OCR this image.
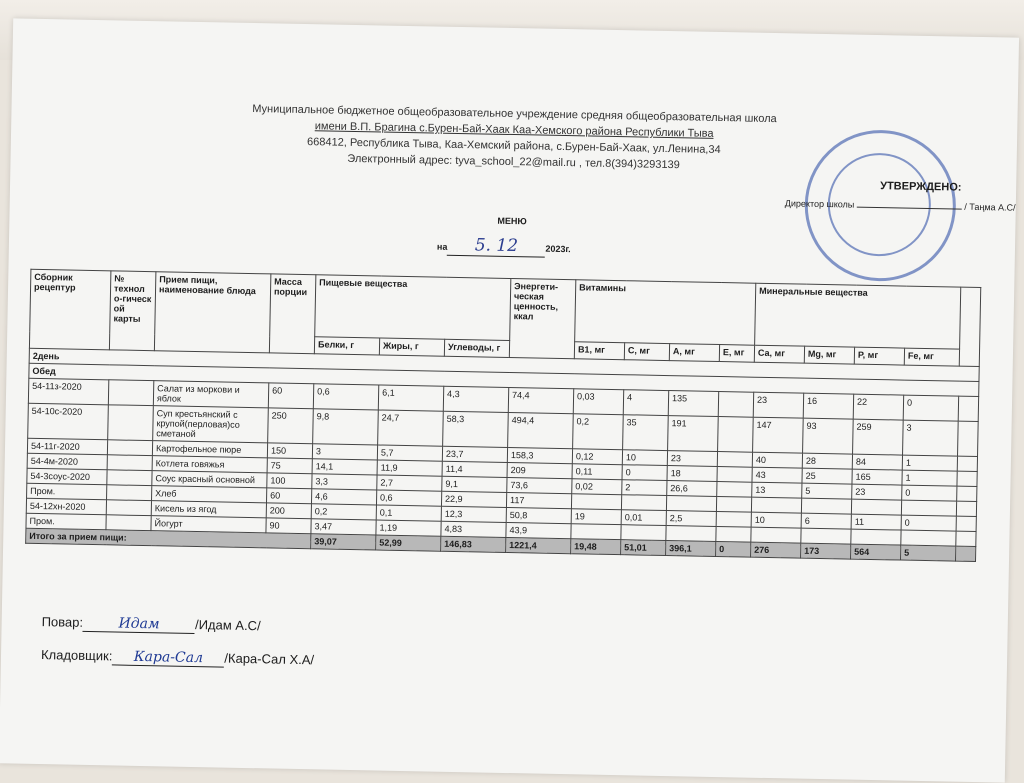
Муниципальное бюджетное общеобразовательное учреждение средняя общеобразовательная школа
имени В.П. Брагина с.Бурен-Бай-Хаак Каа-Хемского района Республики Тыва
668412, Республика Тыва, Каа-Хемский района, с.Бурен-Бай-Хаак, ул.Ленина,34
Электронный адрес: tyva_school_22@mail.ru , тел.8(394)3293139
УТВЕРЖДЕНО:
Директор школы	/ Таңма А.С/
МЕНЮ
на 5. 12	2023г.
Сборник рецептур	№ технол о-гическ ой карты	Прием пищи, наименование блюда	Масса порции	Пищевые вещества			Энергети-ческая ценность, ккал	Витамины				Минеральные вещества				
				Белки, г	Жиры, г	Углеводы, г		В1, мг	С, мг	А, мг	Е, мг	Са, мг	Mg, мг	Р, мг	Fe, мг	
2день																
Обед																
54-11з-2020		Салат из моркови и яблок	60	0,6	6,1	4,3	74,4	0,03	4	135		23	16	22	0	
54-10с-2020		Суп крестьянский с крупой(перловая)со сметаной	250	9,8	24,7	58,3	494,4	0,2	35	191		147	93	259	3	
54-11г-2020		Картофельное пюре	150	3	5,7	23,7	158,3	0,12	10	23		40	28	84	1	
54-4м-2020		Котлета говяжья	75	14,1	11,9	11,4	209	0,11	0	18		43	25	165	1	
54-3соус-2020		Соус красный основной	100	3,3	2,7	9,1	73,6	0,02	2	26,6		13	5	23	0	
Пром.		Хлеб	60	4,6	0,6	22,9	117									
54-12хн-2020		Кисель из ягод	200	0,2	0,1	12,3	50,8	19	0,01	2,5		10	6	11	0	
Пром.		Йогурт	90	3,47	1,19	4,83	43,9									
Итого за прием пищи:				39,07	52,99	146,83	1221,4	19,48	51,01	396,1	0	276	173	564	5	
Повар:	Идам	/Идам А.С/
Кладовщик: Кара-Сал /Кара-Сал Х.А/
